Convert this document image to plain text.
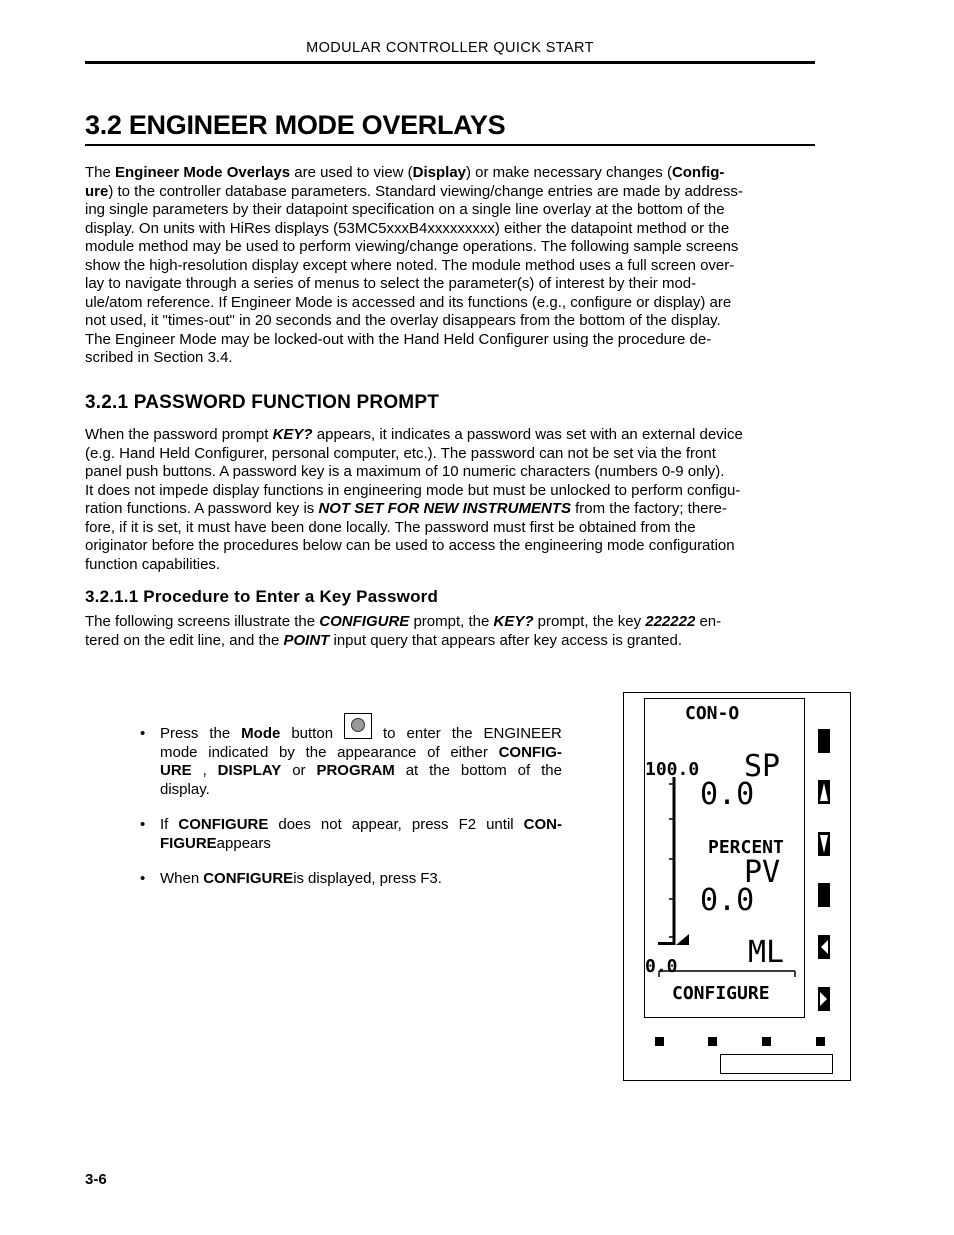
MODULAR CONTROLLER QUICK START
3.2 ENGINEER MODE OVERLAYS
The Engineer Mode Overlays are used to view (Display) or make necessary changes (Config-
ure) to the controller database parameters. Standard viewing/change entries are made by address-
ing single parameters by their datapoint specification on a single line overlay at the bottom of the
display. On units with HiRes displays (53MC5xxxB4xxxxxxxxx) either the datapoint method or the
module method may be used to perform viewing/change operations. The following sample screens
show the high-resolution display except where noted. The module method uses a full screen over-
lay to navigate through a series of menus to select the parameter(s) of interest by their mod-
ule/atom reference. If Engineer Mode is accessed and its functions (e.g., configure or display) are
not used, it "times-out" in 20 seconds and the overlay disappears from the bottom of the display.
The Engineer Mode may be locked-out with the Hand Held Configurer using the procedure de-
scribed in Section 3.4.
3.2.1 PASSWORD FUNCTION PROMPT
When the password prompt KEY? appears, it indicates a password was set with an external device
(e.g. Hand Held Configurer, personal computer, etc.). The password can not be set via the front
panel push buttons. A password key is a maximum of 10 numeric characters (numbers 0-9 only).
It does not impede display functions in engineering mode but must be unlocked to perform configu-
ration functions. A password key is NOT SET FOR NEW INSTRUMENTS from the factory; there-
fore, if it is set, it must have been done locally. The password must first be obtained from the
originator before the procedures below can be used to access the engineering mode configuration
function capabilities.
3.2.1.1 Procedure to Enter a Key Password
The following screens illustrate the CONFIGURE prompt, the KEY? prompt, the key 222222 en-
tered on the edit line, and the POINT input query that appears after key access is granted.
• Press the Mode button	to enter the ENGINEER
mode indicated by the appearance of either CONFIG-
URE , DISPLAY or PROGRAM at the bottom of the
display.
• If CONFIGURE does not appear, press F2 until CON-
FIGURE appears
• When CONFIGURE is displayed, press F3.
CON-O
100.0 SP
0.0
PERCENT
PV
0.0
ML
0.0
CONFIGURE
3-6
